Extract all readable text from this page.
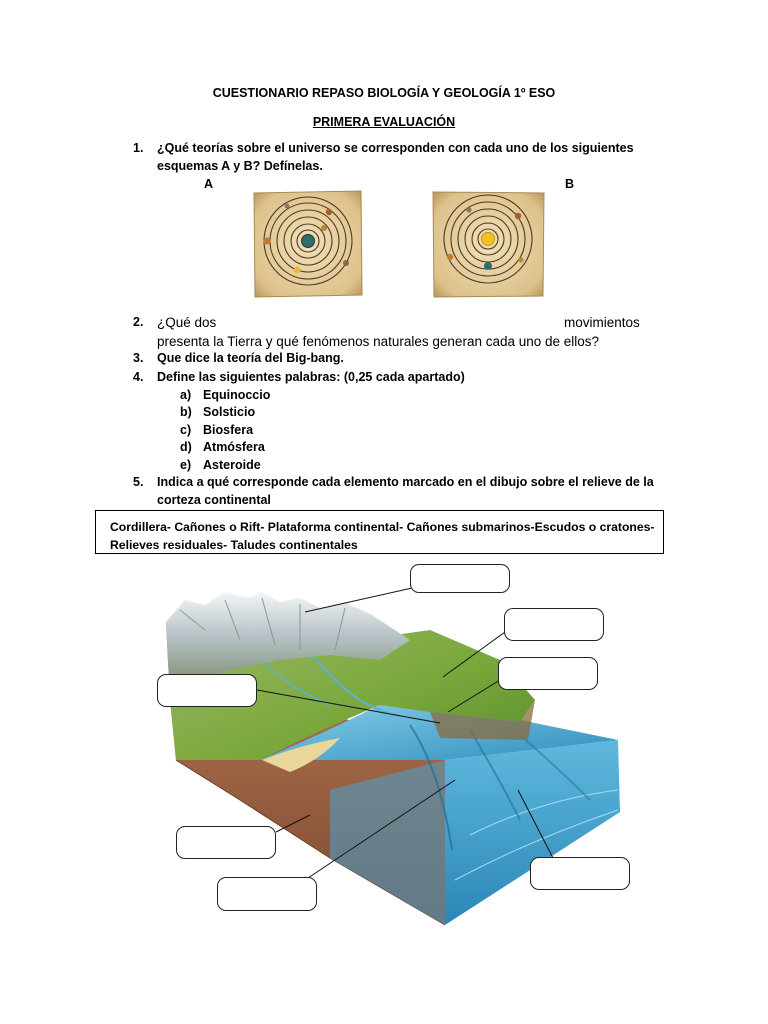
CUESTIONARIO REPASO BIOLOGÍA Y GEOLOGÍA 1º ESO
PRIMERA EVALUACIÓN
1. ¿Qué teorías sobre el universo se corresponden con cada uno de los siguientes
esquemas A y B? Defínelas.
A	B
2. ¿Qué dos	movimientos
presenta la Tierra y qué fenómenos naturales generan cada uno de ellos?
3. Que dice la teoría del Big-bang.
4. Define las siguientes palabras: (0,25 cada apartado)
a) Equinoccio
b) Solsticio
c) Biosfera
d) Atmósfera
e) Asteroide
5. Indica a qué corresponde cada elemento marcado en el dibujo sobre el relieve de la
corteza continental
Cordillera- Cañones o Rift- Plataforma continental- Cañones submarinos-Escudos o cratones-
Relieves residuales- Taludes continentales
